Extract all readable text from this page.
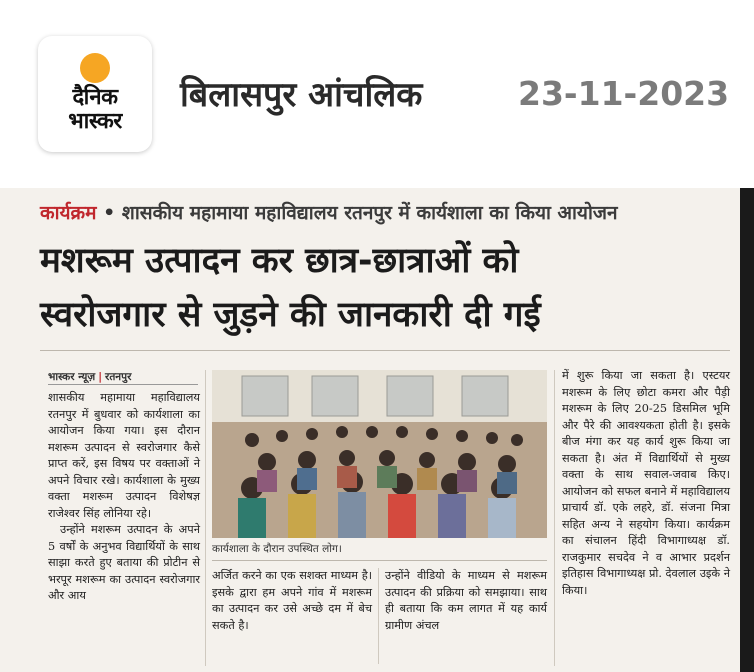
दैनिक
भास्कर
बिलासपुर आंचलिक	23-11-2023
कार्यक्रम • शासकीय महामाया महाविद्यालय रतनपुर में कार्यशाला का किया आयोजन
मशरूम उत्पादन कर छात्र-छात्राओं को
स्वरोजगार से जुड़ने की जानकारी दी गई
भास्कर न्यूज़ | रतनपुर

शासकीय महामाया महाविद्यालय रतनपुर में बुधवार को कार्यशाला का आयोजन किया गया। इस दौरान मशरूम उत्पादन से स्वरोजगार कैसे प्राप्त करें, इस विषय पर वक्ताओं ने अपने विचार रखे। कार्यशाला के मुख्य वक्ता मशरूम उत्पादन विशेषज्ञ राजेश्वर सिंह लोनिया रहे।

उन्होंने मशरूम उत्पादन के अपने 5 वर्षों के अनुभव विद्यार्थियों के साथ साझा करते हुए बताया की प्रोटीन से भरपूर मशरूम का उत्पादन स्वरोजगार और आय

कार्यशाला के दौरान उपस्थित लोग।

अर्जित करने का एक सशक्त माध्यम है। इसके द्वारा हम अपने गांव में मशरूम का उत्पादन कर उसे अच्छे दम में बेच सकते है।

उन्होंने वीडियो के माध्यम से मशरूम उत्पादन की प्रक्रिया को समझाया। साथ ही बताया कि कम लागत में यह कार्य ग्रामीण अंचल

में शुरू किया जा सकता है। एस्टयर मशरूम के लिए छोटा कमरा और पैड़ी मशरूम के लिए 20-25 डिसमिल भूमि और पैरे की आवश्यकता होती है। इसके बीज मंगा कर यह कार्य शुरू किया जा सकता है। अंत में विद्यार्थियों से मुख्य वक्ता के साथ सवाल-जवाब किए। आयोजन को सफल बनाने में महाविद्यालय प्राचार्य डॉ. एके लहरे, डॉ. संजना मित्रा सहित अन्य ने सहयोग किया। कार्यक्रम का संचालन हिंदी विभागाध्यक्ष डॉ. राजकुमार सचदेव ने व आभार प्रदर्शन इतिहास विभागाध्यक्ष प्रो. देवलाल उइके ने किया।
